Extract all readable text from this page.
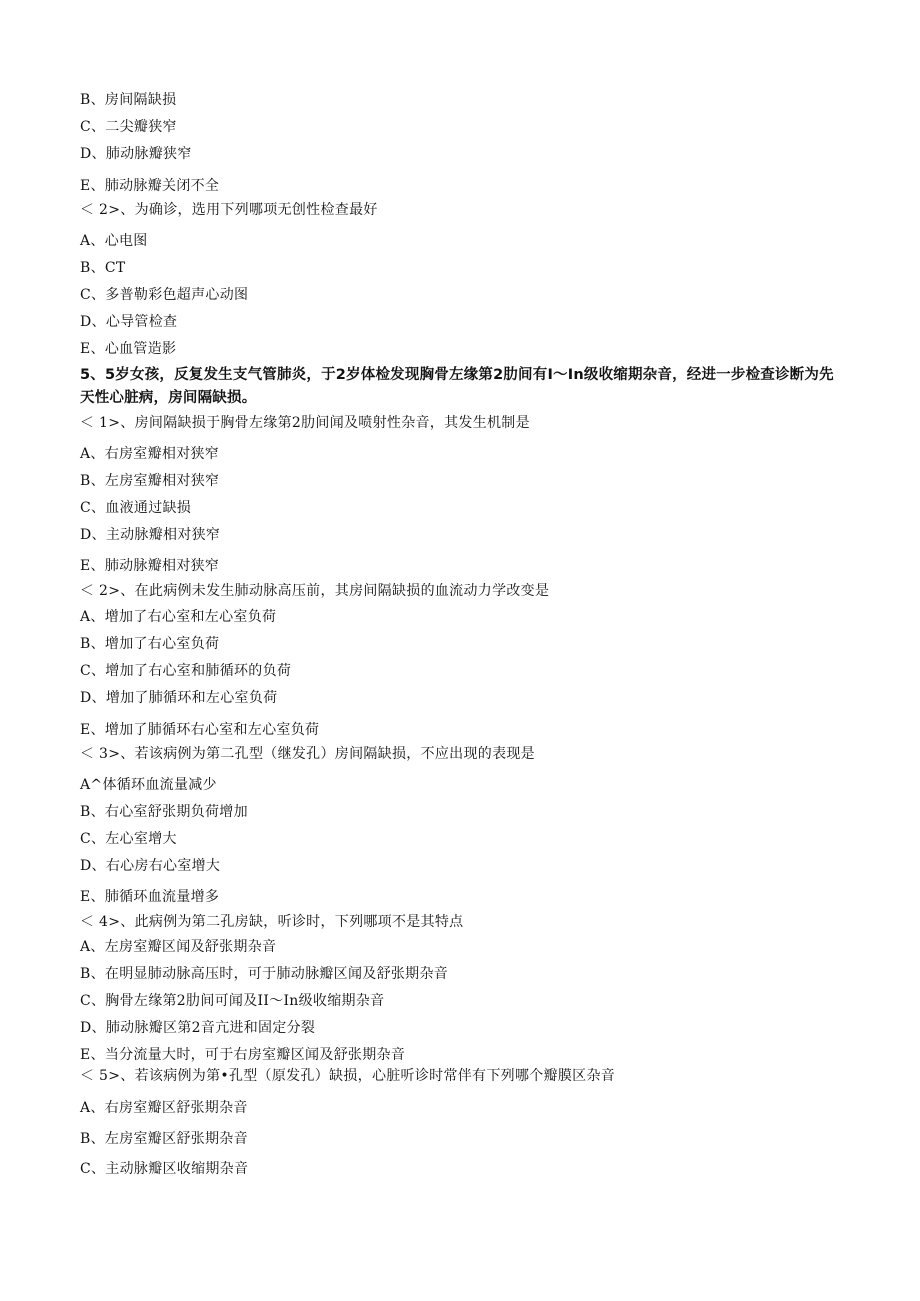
B、房间隔缺损
C、二尖瓣狭窄
D、肺动脉瓣狭窄
E、肺动脉瓣关闭不全
＜ 2>、为确诊，选用下列哪项无创性检查最好
A、心电图
B、CT
C、多普勒彩色超声心动图
D、心导管检查
E、心血管造影
5、5岁女孩，反复发生支气管肺炎，于2岁体检发现胸骨左缘第2肋间有I～In级收缩期杂音，经进一步检查诊断为先天性心脏病，房间隔缺损。
＜ 1>、房间隔缺损于胸骨左缘第2肋间闻及喷射性杂音，其发生机制是
A、右房室瓣相对狭窄
B、左房室瓣相对狭窄
C、血液通过缺损
D、主动脉瓣相对狭窄
E、肺动脉瓣相对狭窄
＜ 2>、在此病例未发生肺动脉高压前，其房间隔缺损的血流动力学改变是
A、增加了右心室和左心室负荷
B、增加了右心室负荷
C、增加了右心室和肺循环的负荷
D、增加了肺循环和左心室负荷
E、增加了肺循环右心室和左心室负荷
＜ 3>、若该病例为第二孔型（继发孔）房间隔缺损，不应出现的表现是
A^体循环血流量减少
B、右心室舒张期负荷增加
C、左心室增大
D、右心房右心室增大
E、肺循环血流量增多
＜ 4>、此病例为第二孔房缺，听诊时，下列哪项不是其特点
A、左房室瓣区闻及舒张期杂音
B、在明显肺动脉高压时，可于肺动脉瓣区闻及舒张期杂音
C、胸骨左缘第2肋间可闻及II～In级收缩期杂音
D、肺动脉瓣区第2音亢进和固定分裂
E、当分流量大时，可于右房室瓣区闻及舒张期杂音
＜ 5>、若该病例为第•孔型（原发孔）缺损，心脏听诊时常伴有下列哪个瓣膜区杂音
A、右房室瓣区舒张期杂音
B、左房室瓣区舒张期杂音
C、主动脉瓣区收缩期杂音
